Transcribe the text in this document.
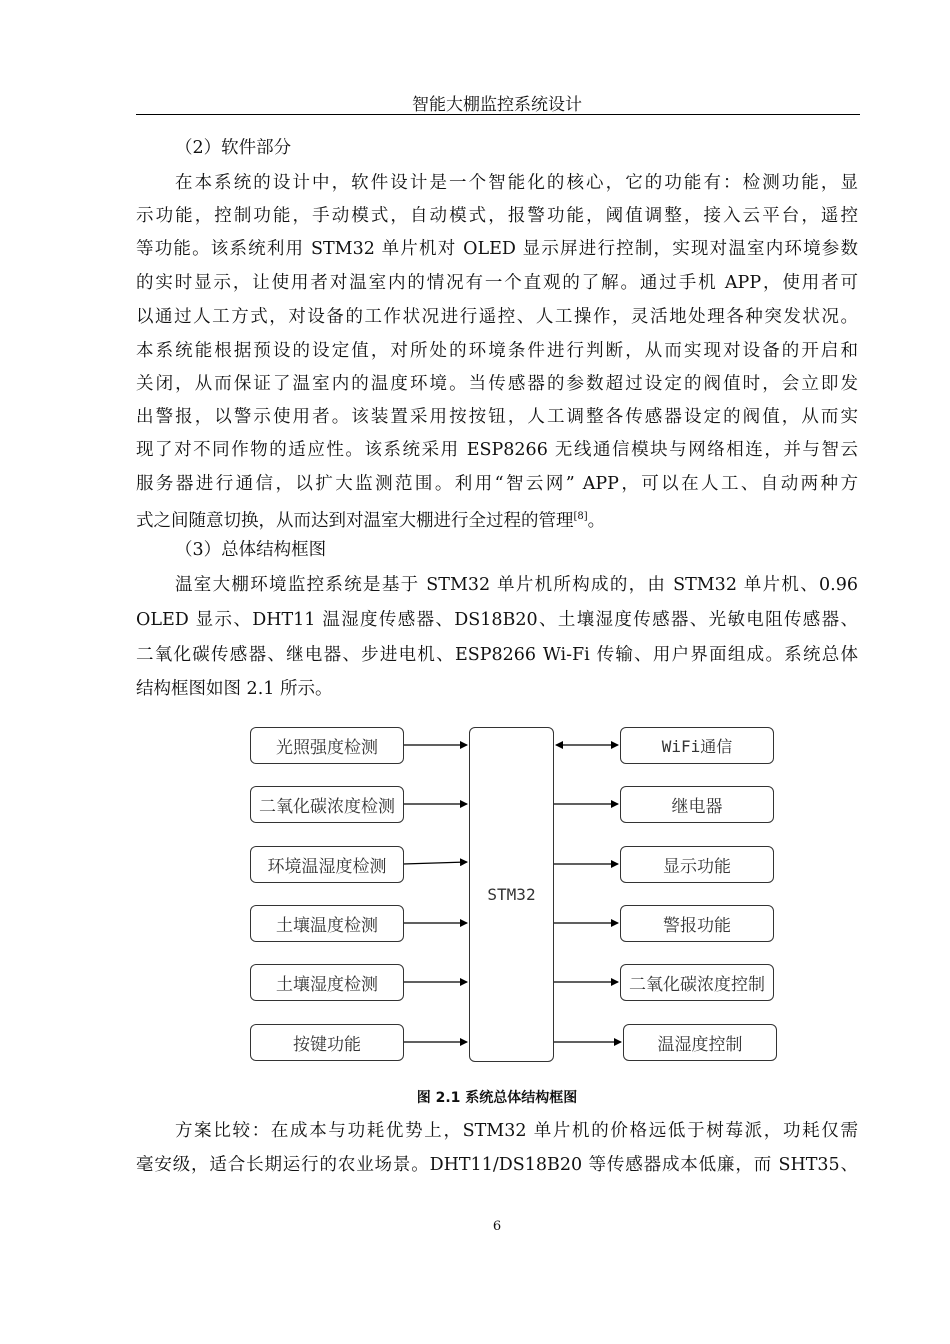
智能大棚监控系统设计
（2）软件部分
在本系统的设计中，软件设计是一个智能化的核心，它的功能有：检测功能，显
示功能，控制功能，手动模式，自动模式，报警功能，阈值调整，接入云平台，遥控
等功能。该系统利用 STM32 单片机对 OLED 显示屏进行控制，实现对温室内环境参数
的实时显示，让使用者对温室内的情况有一个直观的了解。通过手机 APP，使用者可
以通过人工方式，对设备的工作状况进行遥控、人工操作，灵活地处理各种突发状况。
本系统能根据预设的设定值，对所处的环境条件进行判断，从而实现对设备的开启和
关闭，从而保证了温室内的温度环境。当传感器的参数超过设定的阀值时，会立即发
出警报，以警示使用者。该装置采用按按钮，人工调整各传感器设定的阀值，从而实
现了对不同作物的适应性。该系统采用 ESP8266 无线通信模块与网络相连，并与智云
服务器进行通信，以扩大监测范围。利用“智云网” APP，可以在人工、自动两种方
式之间随意切换，从而达到对温室大棚进行全过程的管理[8]。
（3）总体结构框图
温室大棚环境监控系统是基于 STM32 单片机所构成的，由 STM32 单片机、0.96
OLED 显示、DHT11 温湿度传感器、DS18B20、土壤湿度传感器、光敏电阻传感器、
二氧化碳传感器、继电器、步进电机、ESP8266 Wi-Fi 传输、用户界面组成。系统总体
结构框图如图 2.1 所示。
STM32
光照强度检测
二氧化碳浓度检测
环境温湿度检测
土壤温度检测
土壤湿度检测
按键功能
WiFi通信
继电器
显示功能
警报功能
二氧化碳浓度控制
温湿度控制
图 2.1 系统总体结构框图
方案比较：在成本与功耗优势上，STM32 单片机的价格远低于树莓派，功耗仅需
毫安级，适合长期运行的农业场景。DHT11/DS18B20 等传感器成本低廉，而 SHT35、
6
